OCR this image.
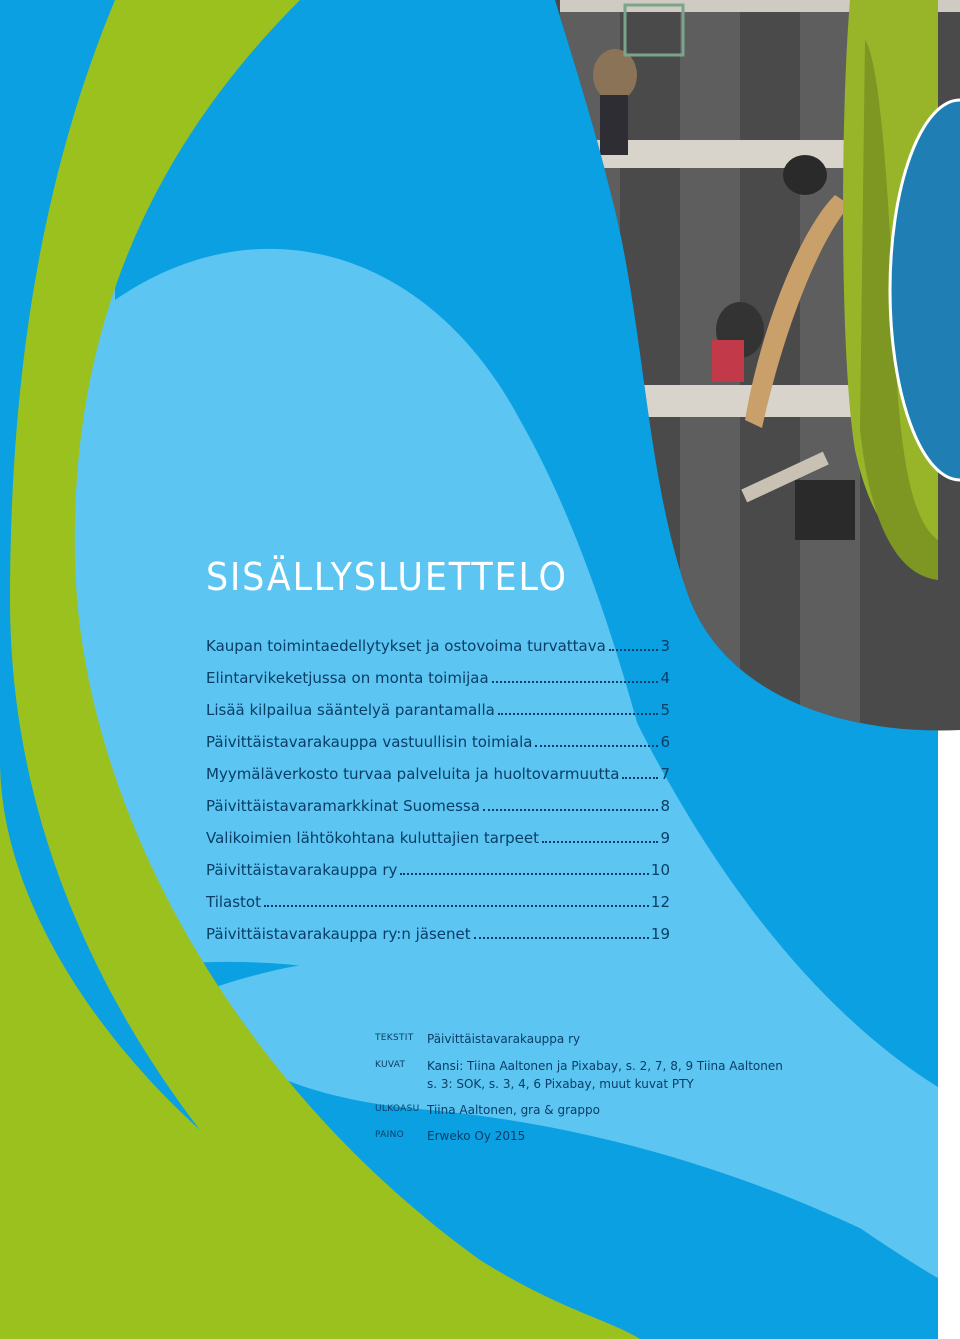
SISÄLLYSLUETTELO
Kaupan toimintaedellytykset ja ostovoima turvattava	3
Elintarvikeketjussa on monta toimijaa	4
Lisää kilpailua sääntelyä parantamalla	5
Päivittäistavarakauppa vastuullisin toimiala	6
Myymäläverkosto turvaa palveluita ja huoltovarmuutta	7
Päivittäistavaramarkkinat Suomessa	8
Valikoimien lähtökohtana kuluttajien tarpeet	9
Päivittäistavarakauppa ry	10
Tilastot	12
Päivittäistavarakauppa ry:n jäsenet	19
TEKSTIT	Päivittäistavarakauppa ry
KUVAT	Kansi: Tiina Aaltonen ja Pixabay, s. 2, 7, 8, 9 Tiina Aaltonen
s. 3: SOK, s. 3, 4, 6 Pixabay, muut kuvat PTY
ULKOASU Tiina Aaltonen, gra & grappo
PAINO	Erweko Oy 2015
